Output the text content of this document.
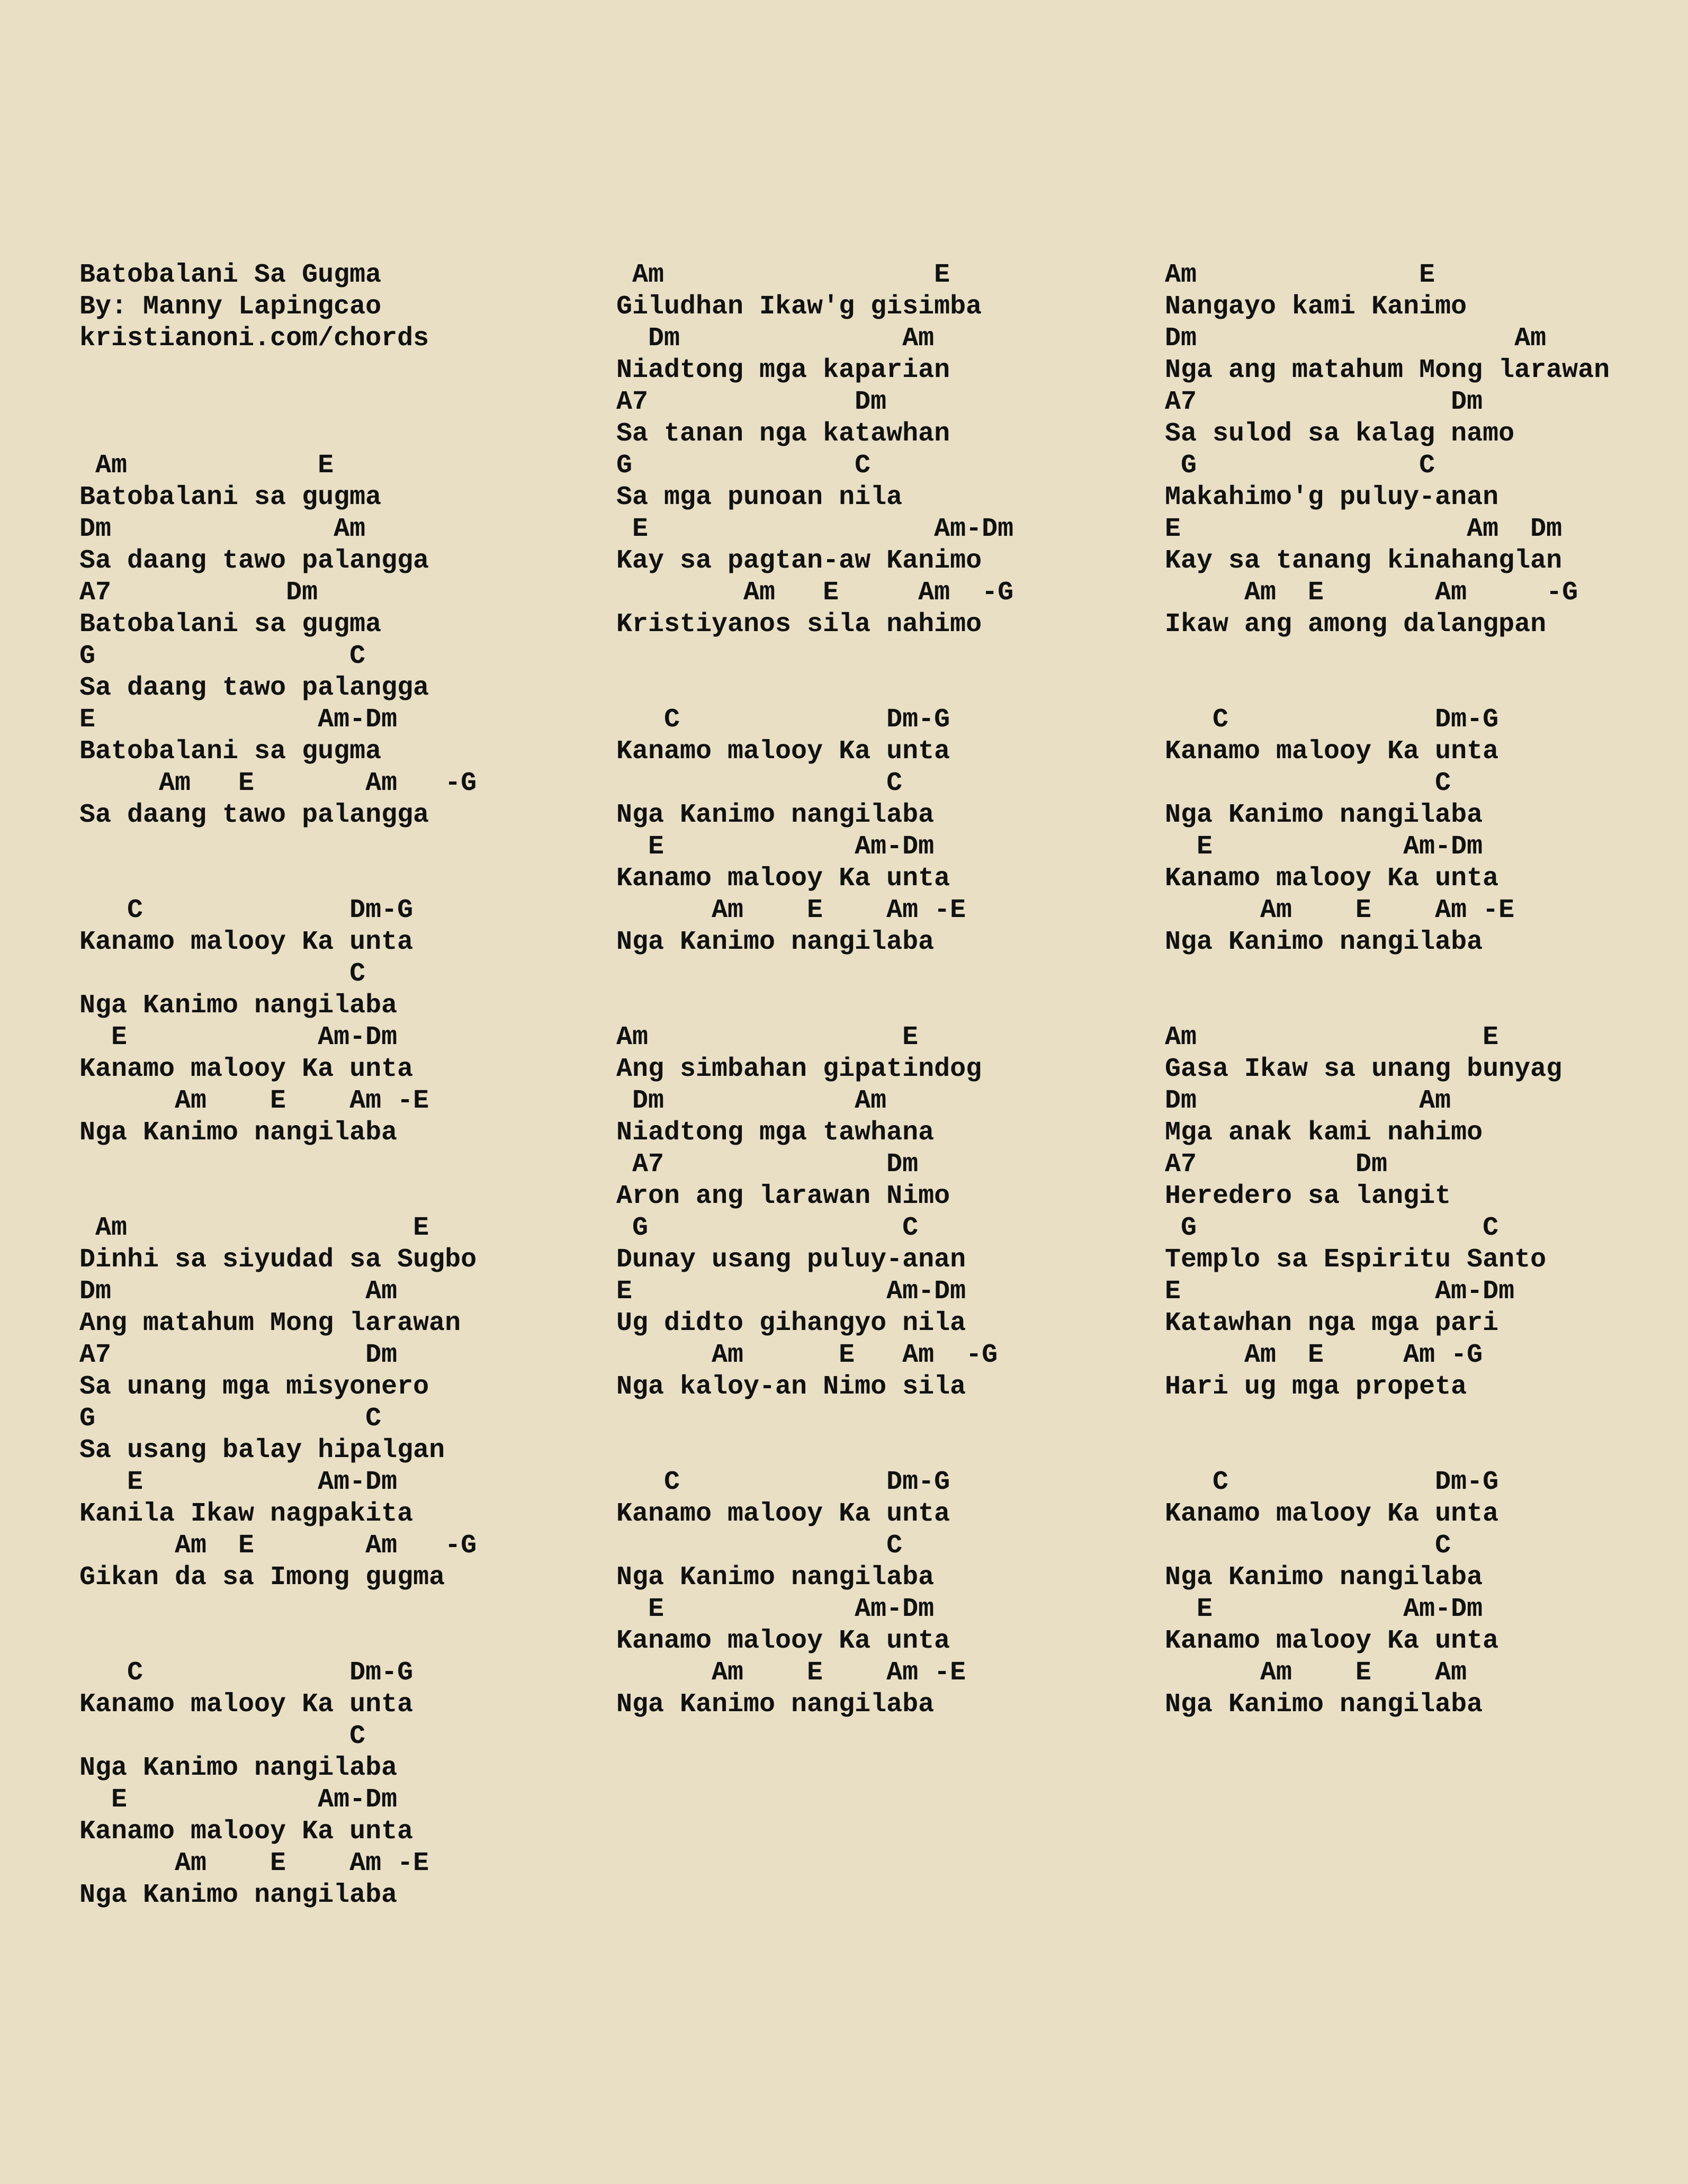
Batobalani Sa Gugma
By: Manny Lapingcao
kristianoni.com/chords

Am            E
Batobalani sa gugma
Dm              Am
Sa daang tawo palangga
A7           Dm
Batobalani sa gugma
G                C
Sa daang tawo palangga
E              Am-Dm
Batobalani sa gugma
Am   E       Am   -G
Sa daang tawo palangga

C             Dm-G
Kanamo malooy Ka unta
C
Nga Kanimo nangilaba
E            Am-Dm
Kanamo malooy Ka unta
Am    E    Am -E
Nga Kanimo nangilaba

Am                  E
Dinhi sa siyudad sa Sugbo
Dm                Am
Ang matahum Mong larawan
A7                Dm
Sa unang mga misyonero
G                 C
Sa usang balay hipalgan
E           Am-Dm
Kanila Ikaw nagpakita
Am  E       Am   -G
Gikan da sa Imong gugma

C             Dm-G
Kanamo malooy Ka unta
C
Nga Kanimo nangilaba
E            Am-Dm
Kanamo malooy Ka unta
Am    E    Am -E
Nga Kanimo nangilaba

Am                 E
Giludhan Ikaw'g gisimba
Dm              Am
Niadtong mga kaparian
A7             Dm
Sa tanan nga katawhan
G              C
Sa mga punoan nila
E                  Am-Dm
Kay sa pagtan-aw Kanimo
Am   E     Am  -G
Kristiyanos sila nahimo

C             Dm-G
Kanamo malooy Ka unta
C
Nga Kanimo nangilaba
E            Am-Dm
Kanamo malooy Ka unta
Am    E    Am -E
Nga Kanimo nangilaba

Am                E
Ang simbahan gipatindog
Dm            Am
Niadtong mga tawhana
A7              Dm
Aron ang larawan Nimo
G                C
Dunay usang puluy-anan
E                Am-Dm
Ug didto gihangyo nila
Am      E   Am  -G
Nga kaloy-an Nimo sila

C             Dm-G
Kanamo malooy Ka unta
C
Nga Kanimo nangilaba
E            Am-Dm
Kanamo malooy Ka unta
Am    E    Am -E
Nga Kanimo nangilaba

Am              E
Nangayo kami Kanimo
Dm                    Am
Nga ang matahum Mong larawan
A7                Dm
Sa sulod sa kalag namo
G              C
Makahimo'g puluy-anan
E                  Am  Dm
Kay sa tanang kinahanglan
Am  E       Am     -G
Ikaw ang among dalangpan

C             Dm-G
Kanamo malooy Ka unta
C
Nga Kanimo nangilaba
E            Am-Dm
Kanamo malooy Ka unta
Am    E    Am -E
Nga Kanimo nangilaba

Am                  E
Gasa Ikaw sa unang bunyag
Dm              Am
Mga anak kami nahimo
A7          Dm
Heredero sa langit
G                  C
Templo sa Espiritu Santo
E                Am-Dm
Katawhan nga mga pari
Am  E     Am -G
Hari ug mga propeta

C             Dm-G
Kanamo malooy Ka unta
C
Nga Kanimo nangilaba
E            Am-Dm
Kanamo malooy Ka unta
Am    E    Am
Nga Kanimo nangilaba
